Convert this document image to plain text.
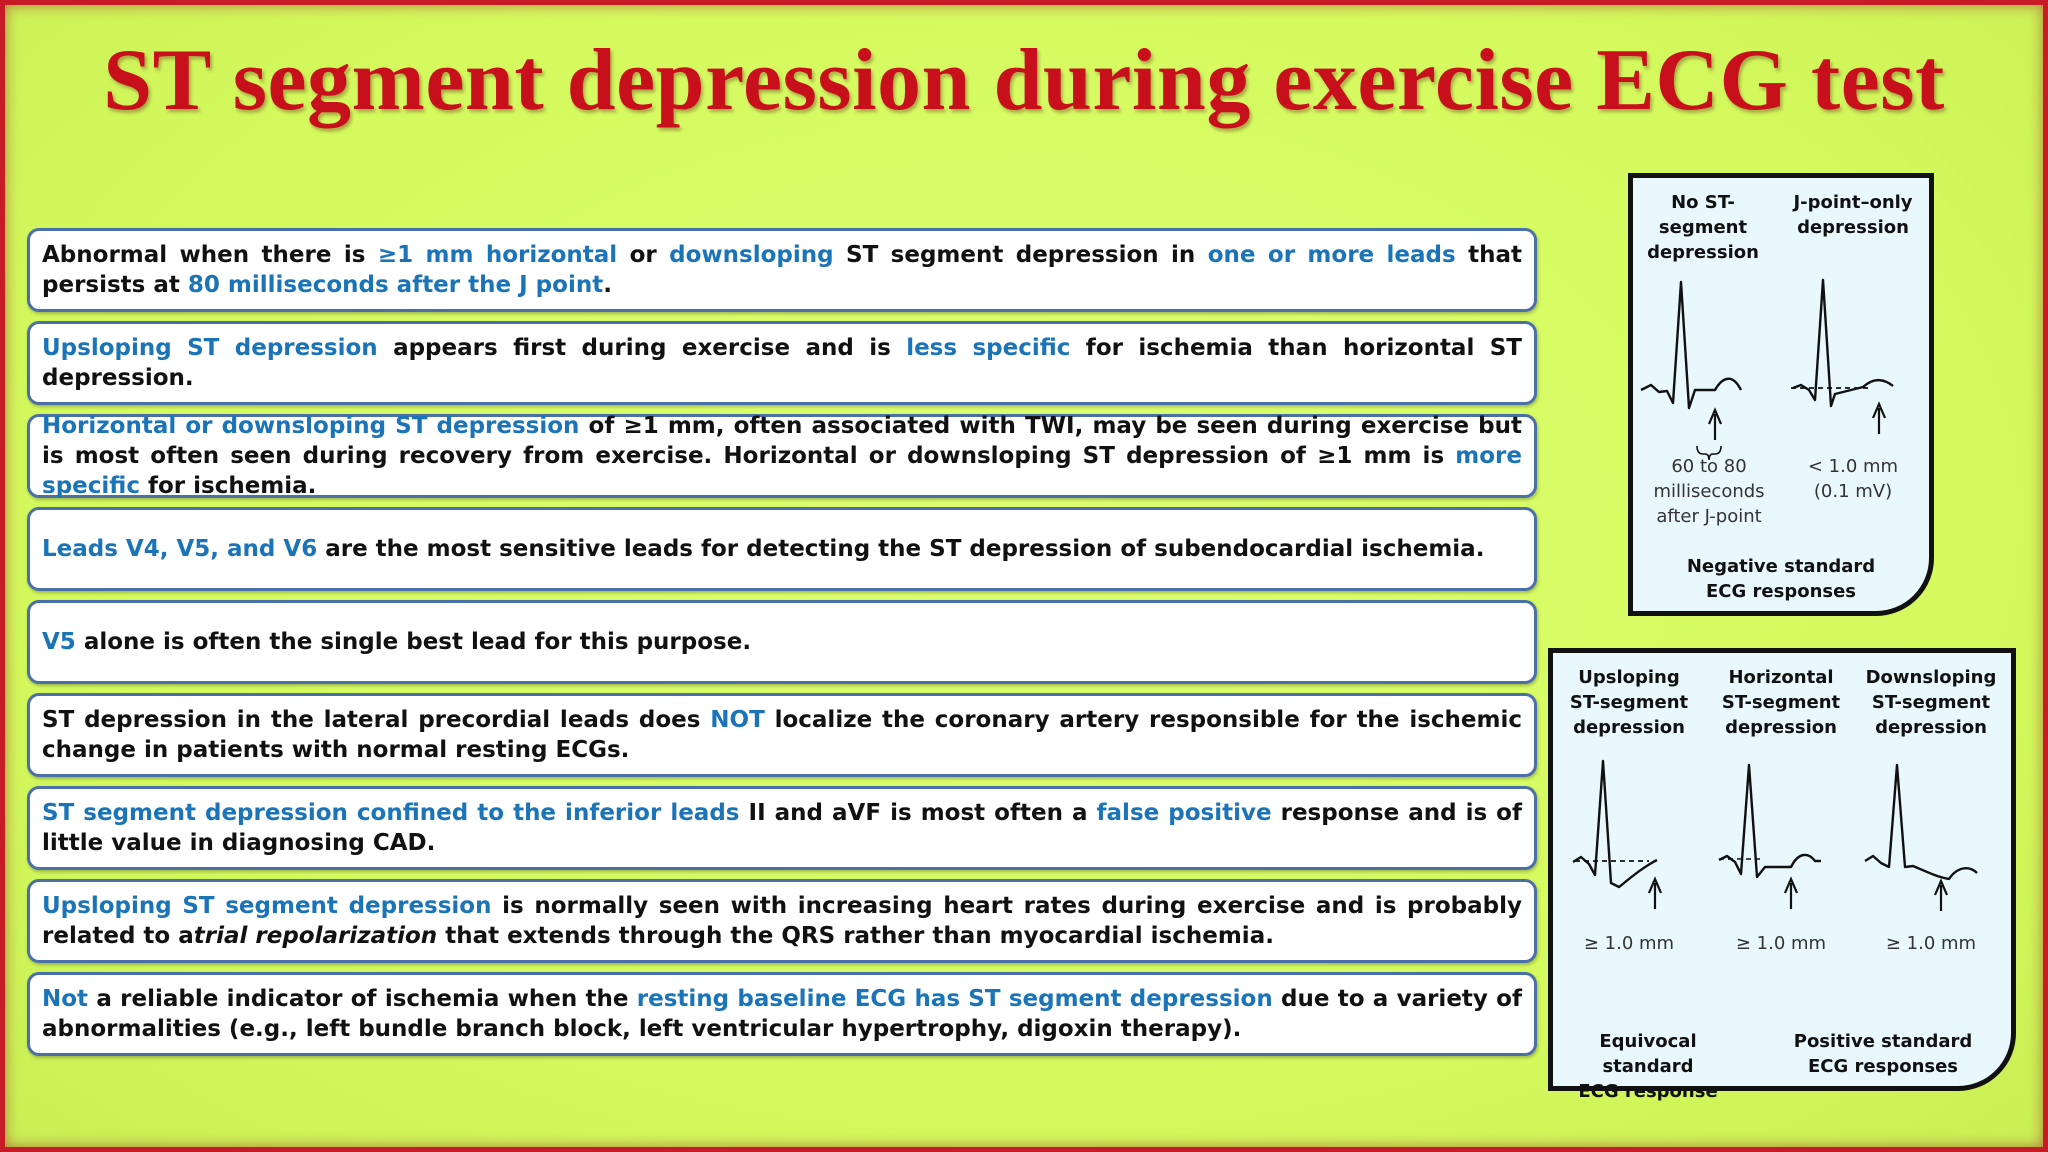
ST segment depression during exercise ECG test

Abnormal when there is ≥1 mm horizontal or downsloping ST segment depression in one or more leads that persists at 80 milliseconds after the J point.

Upsloping ST depression appears first during exercise and is less specific for ischemia than horizontal ST depression.

Horizontal or downsloping ST depression of ≥1 mm, often associated with TWI, may be seen during exercise but is most often seen during recovery from exercise. Horizontal or downsloping ST depression of ≥1 mm is more specific for ischemia.

Leads V4, V5, and V6 are the most sensitive leads for detecting the ST depression of subendocardial ischemia.

V5 alone is often the single best lead for this purpose.

ST depression in the lateral precordial leads does NOT localize the coronary artery responsible for the ischemic change in patients with normal resting ECGs.

ST segment depression confined to the inferior leads II and aVF is most often a false positive response and is of little value in diagnosing CAD.

Upsloping ST segment depression is normally seen with increasing heart rates during exercise and is probably related to atrial repolarization that extends through the QRS rather than myocardial ischemia.

Not a reliable indicator of ischemia when the resting baseline ECG has ST segment depression due to a variety of abnormalities (e.g., left bundle branch block, left ventricular hypertrophy, digoxin therapy).

No ST-
segment
depression
J-point–only
depression
60 to 80
milliseconds
after J-point
< 1.0 mm
(0.1 mV)
Negative standard
ECG responses
Upsloping
ST-segment
depression
Horizontal
ST-segment
depression
Downsloping
ST-segment
depression
≥ 1.0 mm	≥ 1.0 mm	≥ 1.0 mm
Equivocal standard
ECG response
Positive standard
ECG responses
